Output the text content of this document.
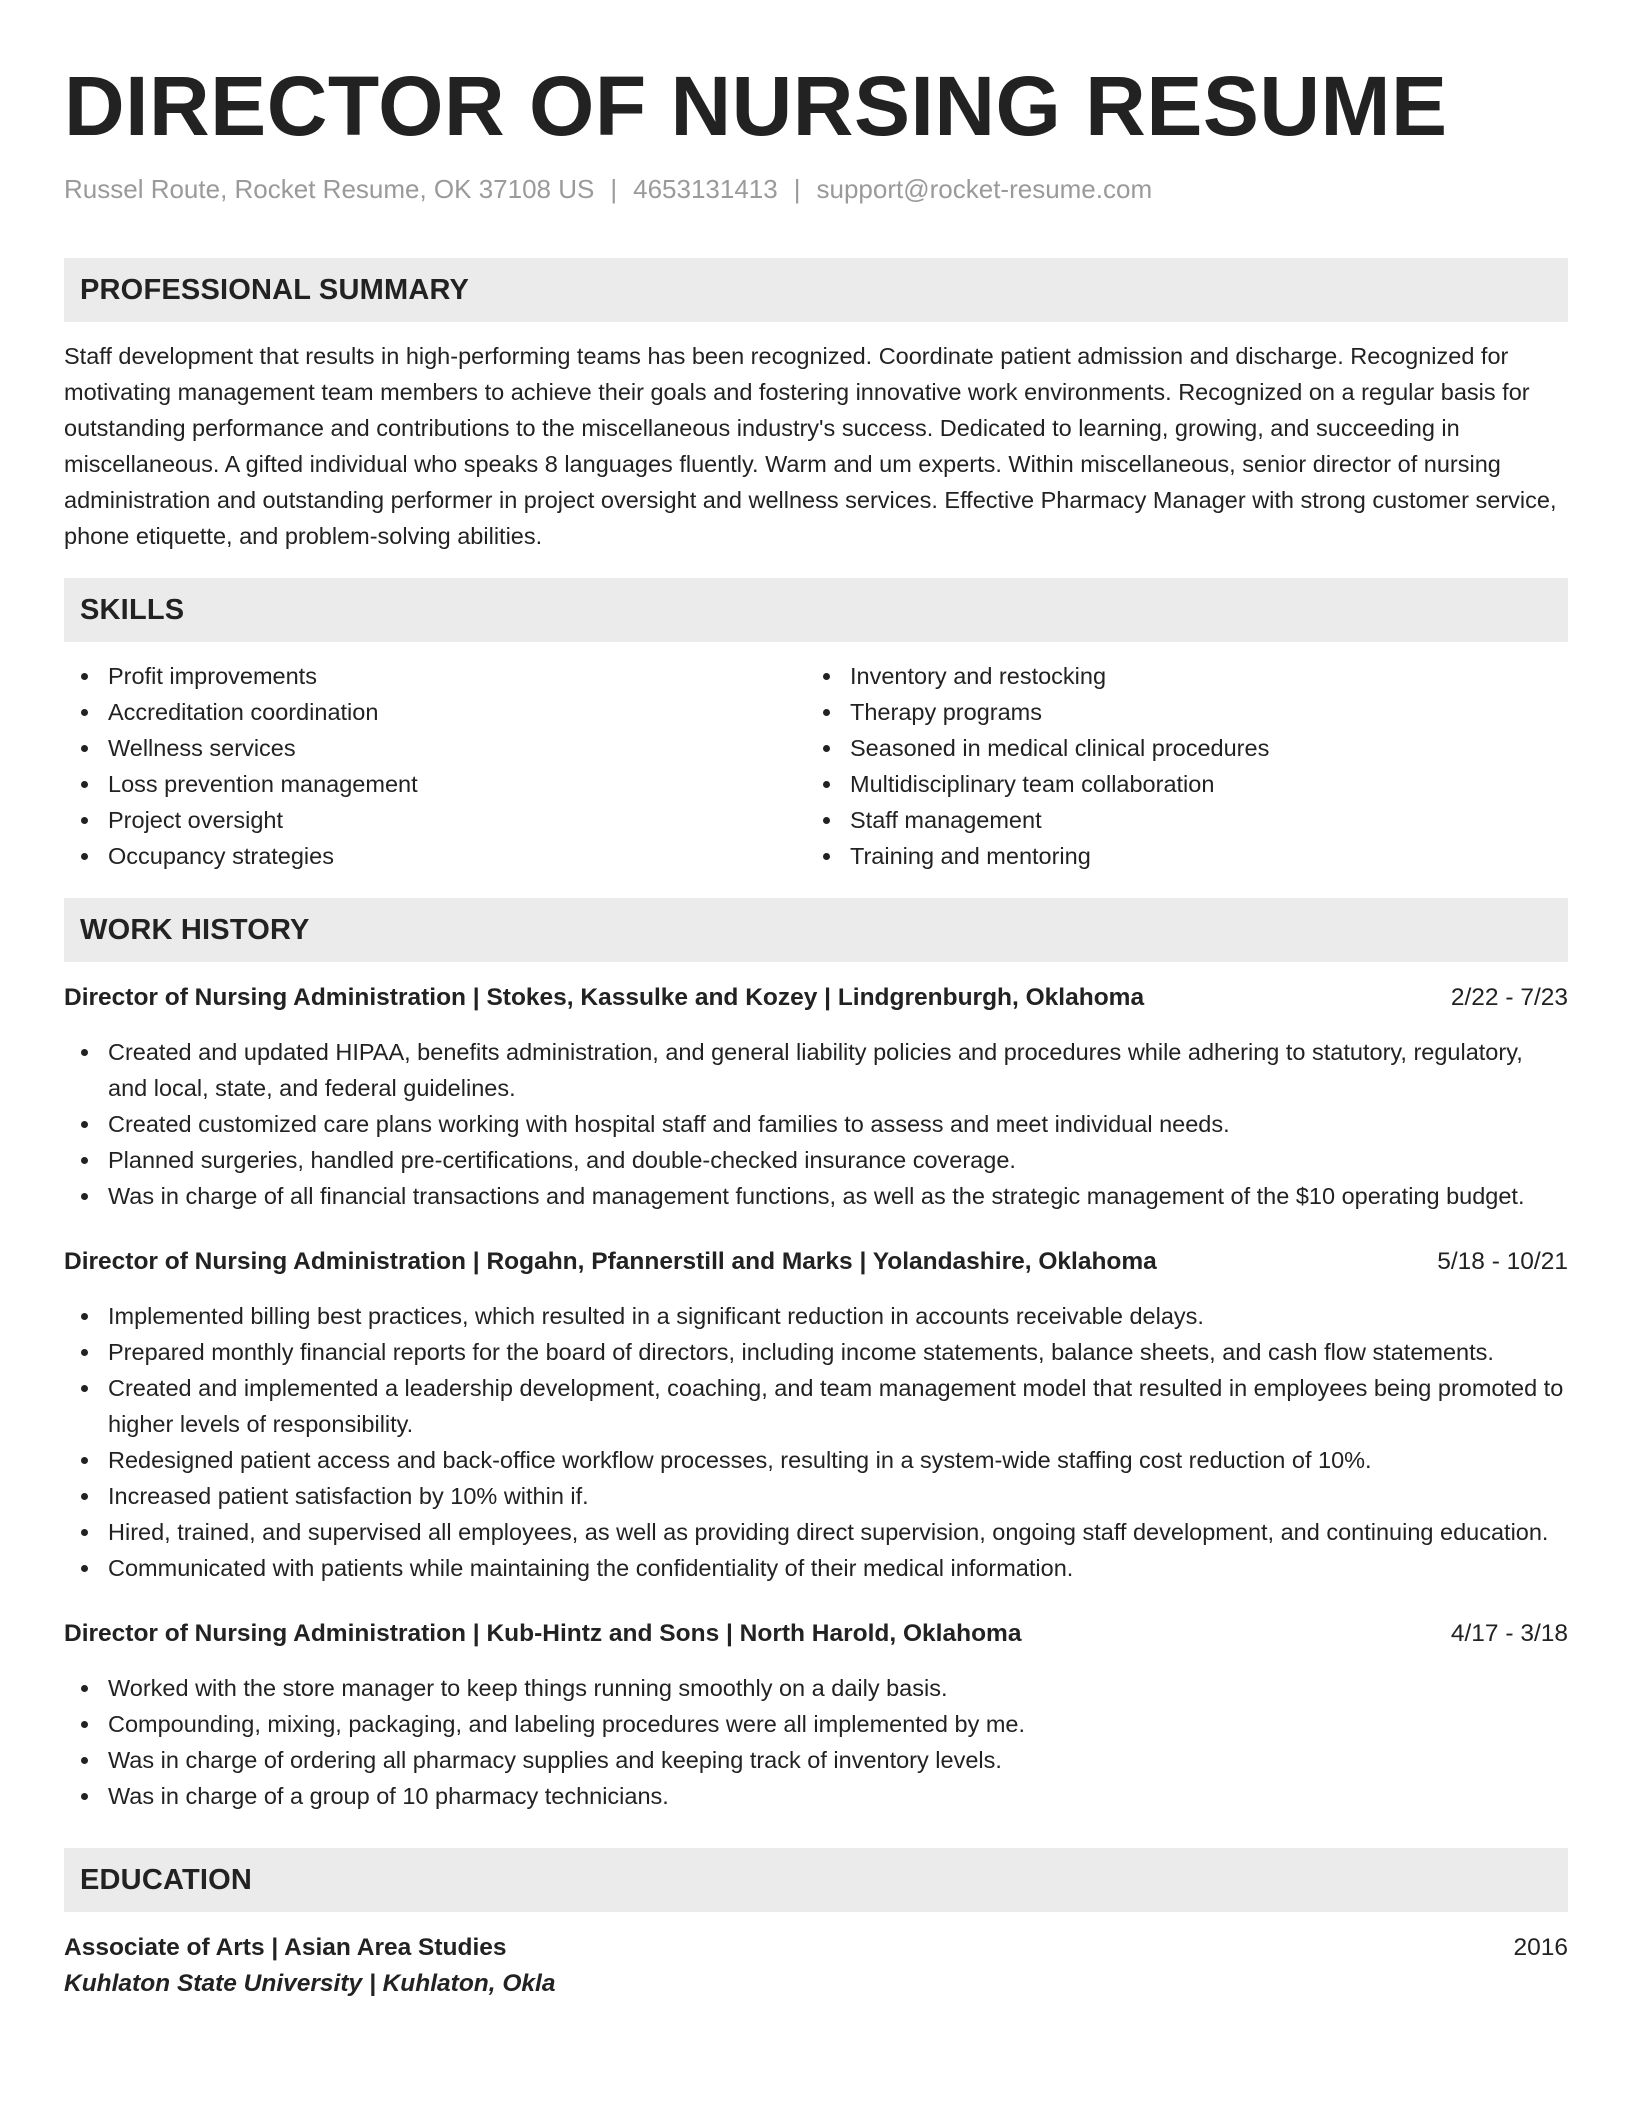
DIRECTOR OF NURSING RESUME
Russel Route, Rocket Resume, OK 37108 US | 4653131413 | support@rocket-resume.com
PROFESSIONAL SUMMARY

Staff development that results in high-performing teams has been recognized. Coordinate patient admission and discharge. Recognized for motivating management team members to achieve their goals and fostering innovative work environments. Recognized on a regular basis for outstanding performance and contributions to the miscellaneous industry's success. Dedicated to learning, growing, and succeeding in miscellaneous. A gifted individual who speaks 8 languages fluently. Warm and um experts. Within miscellaneous, senior director of nursing administration and outstanding performer in project oversight and wellness services. Effective Pharmacy Manager with strong customer service, phone etiquette, and problem-solving abilities.

SKILLS
Profit improvements
Accreditation coordination
Wellness services
Loss prevention management
Project oversight
Occupancy strategies
Inventory and restocking
Therapy programs
Seasoned in medical clinical procedures
Multidisciplinary team collaboration
Staff management
Training and mentoring
WORK HISTORY
Director of Nursing Administration | Stokes, Kassulke and Kozey | Lindgrenburgh, Oklahoma	2/22 - 7/23
Created and updated HIPAA, benefits administration, and general liability policies and procedures while adhering to statutory, regulatory, and local, state, and federal guidelines.
Created customized care plans working with hospital staff and families to assess and meet individual needs.
Planned surgeries, handled pre-certifications, and double-checked insurance coverage.
Was in charge of all financial transactions and management functions, as well as the strategic management of the $10 operating budget.
Director of Nursing Administration | Rogahn, Pfannerstill and Marks | Yolandashire, Oklahoma	5/18 - 10/21
Implemented billing best practices, which resulted in a significant reduction in accounts receivable delays.
Prepared monthly financial reports for the board of directors, including income statements, balance sheets, and cash flow statements.
Created and implemented a leadership development, coaching, and team management model that resulted in employees being promoted to higher levels of responsibility.
Redesigned patient access and back-office workflow processes, resulting in a system-wide staffing cost reduction of 10%.
Increased patient satisfaction by 10% within if.
Hired, trained, and supervised all employees, as well as providing direct supervision, ongoing staff development, and continuing education.
Communicated with patients while maintaining the confidentiality of their medical information.
Director of Nursing Administration | Kub-Hintz and Sons | North Harold, Oklahoma	4/17 - 3/18
Worked with the store manager to keep things running smoothly on a daily basis.
Compounding, mixing, packaging, and labeling procedures were all implemented by me.
Was in charge of ordering all pharmacy supplies and keeping track of inventory levels.
Was in charge of a group of 10 pharmacy technicians.
EDUCATION
Associate of Arts | Asian Area Studies	2016
Kuhlaton State University | Kuhlaton, Okla
